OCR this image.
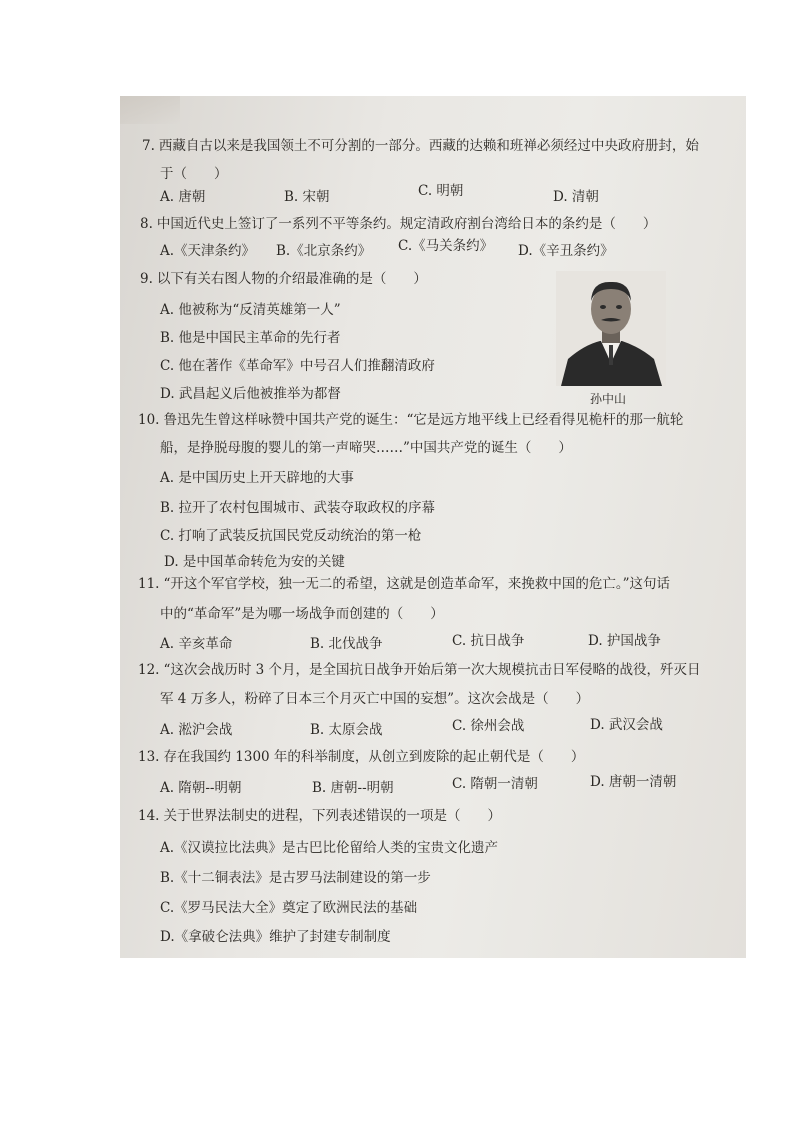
7. 西藏自古以来是我国领土不可分割的一部分。西藏的达赖和班禅必须经过中央政府册封，始
于（　　）
A. 唐朝	B. 宋朝	C. 明朝	D. 清朝
8. 中国近代史上签订了一系列不平等条约。规定清政府割台湾给日本的条约是（　　）
A.《天津条约》 B.《北京条约》 C.《马关条约》 D.《辛丑条约》
9. 以下有关右图人物的介绍最准确的是（　　）
A. 他被称为“反清英雄第一人”
B. 他是中国民主革命的先行者
C. 他在著作《革命军》中号召人们推翻清政府
D. 武昌起义后他被推举为都督	孙中山
10. 鲁迅先生曾这样咏赞中国共产党的诞生：“它是远方地平线上已经看得见桅杆的那一航轮
船，是挣脱母腹的婴儿的第一声啼哭……”中国共产党的诞生（　　）
A. 是中国历史上开天辟地的大事
B. 拉开了农村包围城市、武装夺取政权的序幕
C. 打响了武装反抗国民党反动统治的第一枪
D. 是中国革命转危为安的关键
11. “开这个军官学校，独一无二的希望，这就是创造革命军，来挽救中国的危亡。”这句话
中的“革命军”是为哪一场战争而创建的（　　）
A. 辛亥革命	B. 北伐战争	C. 抗日战争	D. 护国战争
12. “这次会战历时 3 个月，是全国抗日战争开始后第一次大规模抗击日军侵略的战役，歼灭日
军 4 万多人，粉碎了日本三个月灭亡中国的妄想”。这次会战是（　　）
A. 淞沪会战	B. 太原会战	C. 徐州会战	D. 武汉会战
13. 存在我国约 1300 年的科举制度，从创立到废除的起止朝代是（　　）
A. 隋朝--明朝	B. 唐朝--明朝	C. 隋朝一清朝	D. 唐朝一清朝
14. 关于世界法制史的进程，下列表述错误的一项是（　　）
A.《汉谟拉比法典》是古巴比伦留给人类的宝贵文化遗产
B.《十二铜表法》是古罗马法制建设的第一步
C.《罗马民法大全》奠定了欧洲民法的基础
D.《拿破仑法典》维护了封建专制制度
